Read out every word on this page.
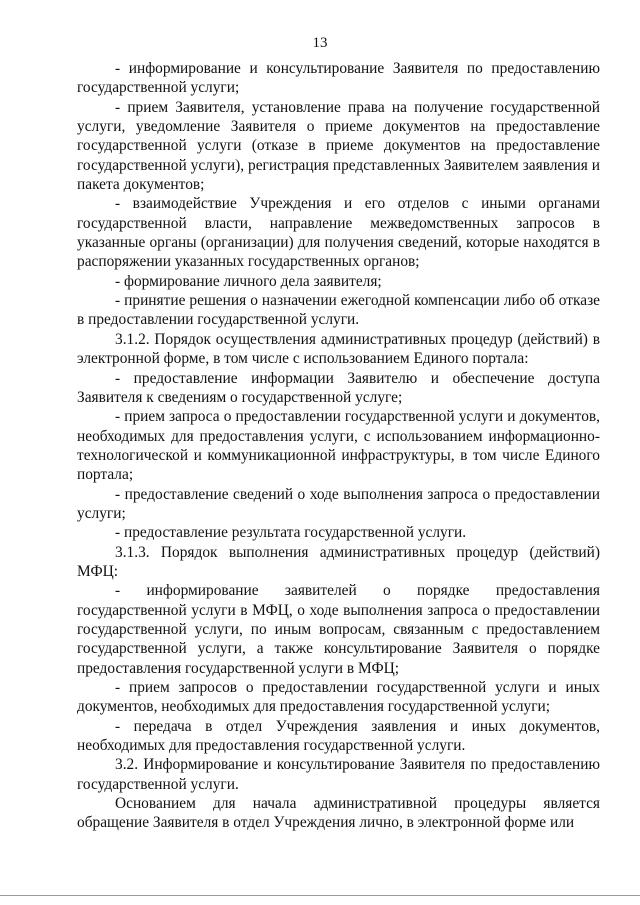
13

- информирование и консультирование Заявителя по предоставлению государственной услуги;

- прием Заявителя, установление права на получение государственной услуги, уведомление Заявителя о приеме документов на предоставление государственной услуги (отказе в приеме документов на предоставление государственной услуги), регистрация представленных Заявителем заявления и пакета документов;

- взаимодействие Учреждения и его отделов с иными органами государственной власти, направление межведомственных запросов в указанные органы (организации) для получения сведений, которые находятся в распоряжении указанных государственных органов;

- формирование личного дела заявителя;

- принятие решения о назначении ежегодной компенсации либо об отказе в предоставлении государственной услуги.

3.1.2. Порядок осуществления административных процедур (действий) в электронной форме, в том числе с использованием Единого портала:

- предоставление информации Заявителю и обеспечение доступа Заявителя к сведениям о государственной услуге;

- прием запроса о предоставлении государственной услуги и документов, необходимых для предоставления услуги, с использованием информационно-технологической и коммуникационной инфраструктуры, в том числе Единого портала;

- предоставление сведений о ходе выполнения запроса о предоставлении услуги;

- предоставление результата государственной услуги.

3.1.3. Порядок выполнения административных процедур (действий) МФЦ:

- информирование заявителей о порядке предоставления государственной услуги в МФЦ, о ходе выполнения запроса о предоставлении государственной услуги, по иным вопросам, связанным с предоставлением государственной услуги, а также консультирование Заявителя о порядке предоставления государственной услуги в МФЦ;

- прием запросов о предоставлении государственной услуги и иных документов, необходимых для предоставления государственной услуги;

- передача в отдел Учреждения заявления и иных документов, необходимых для предоставления государственной услуги.

3.2. Информирование и консультирование Заявителя по предоставлению государственной услуги.

Основанием для начала административной процедуры является обращение Заявителя в отдел Учреждения лично, в электронной форме или
